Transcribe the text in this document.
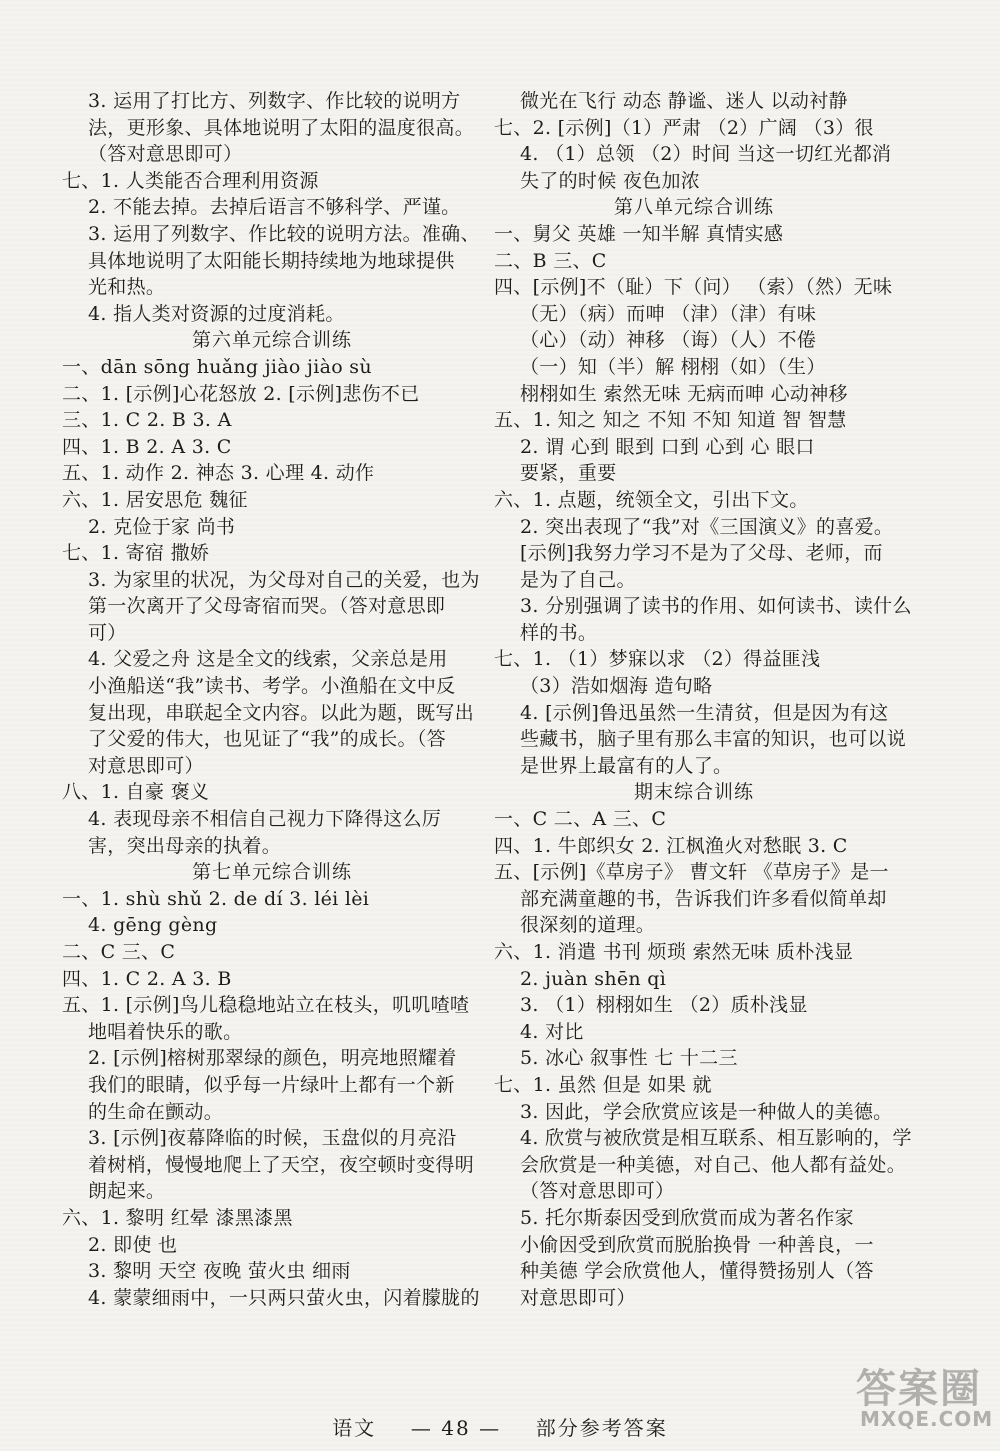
3. 运用了打比方、列数字、作比较的说明方
法，更形象、具体地说明了太阳的温度很高。
（答对意思即可）
七、1. 人类能否合理利用资源
2. 不能去掉。去掉后语言不够科学、严谨。
3. 运用了列数字、作比较的说明方法。准确、
具体地说明了太阳能长期持续地为地球提供
光和热。
4. 指人类对资源的过度消耗。
第六单元综合训练
一、dān sōng huǎng jiào jiào sù
二、1. [示例]心花怒放 2. [示例]悲伤不已
三、1. C 2. B 3. A
四、1. B 2. A 3. C
五、1. 动作 2. 神态 3. 心理 4. 动作
六、1. 居安思危 魏征
2. 克俭于家 尚书
七、1. 寄宿 撒娇
3. 为家里的状况，为父母对自己的关爱，也为
第一次离开了父母寄宿而哭。（答对意思即
可）
4. 父爱之舟 这是全文的线索，父亲总是用
小渔船送“我”读书、考学。小渔船在文中反
复出现，串联起全文内容。以此为题，既写出
了父爱的伟大，也见证了“我”的成长。（答
对意思即可）
八、1. 自豪 褒义
4. 表现母亲不相信自己视力下降得这么厉
害，突出母亲的执着。
第七单元综合训练
一、1. shù shǔ 2. de dí 3. léi lèi
4. gēng gèng
二、C 三、C
四、1. C 2. A 3. B
五、1. [示例]鸟儿稳稳地站立在枝头，叽叽喳喳
地唱着快乐的歌。
2. [示例]榕树那翠绿的颜色，明亮地照耀着
我们的眼睛，似乎每一片绿叶上都有一个新
的生命在颤动。
3. [示例]夜幕降临的时候，玉盘似的月亮沿
着树梢，慢慢地爬上了天空，夜空顿时变得明
朗起来。
六、1. 黎明 红晕 漆黑漆黑
2. 即使 也
3. 黎明 天空 夜晚 萤火虫 细雨
4. 蒙蒙细雨中，一只两只萤火虫，闪着朦胧的
微光在飞行 动态 静谧、迷人 以动衬静
七、2. [示例]（1）严肃 （2）广阔 （3）很
4. （1）总领 （2）时间 当这一切红光都消
失了的时候 夜色加浓
第八单元综合训练
一、舅父 英雄 一知半解 真情实感
二、B 三、C
四、[示例]不（耻）下（问） （索）（然）无味
（无）（病）而呻 （津）（津）有味
（心）（动）神移 （诲）（人）不倦
（一）知（半）解 栩栩（如）（生）
栩栩如生 索然无味 无病而呻 心动神移
五、1. 知之 知之 不知 不知 知道 智 智慧
2. 谓 心到 眼到 口到 心到 心 眼口
要紧，重要
六、1. 点题，统领全文，引出下文。
2. 突出表现了“我”对《三国演义》的喜爱。
[示例]我努力学习不是为了父母、老师，而
是为了自己。
3. 分别强调了读书的作用、如何读书、读什么
样的书。
七、1. （1）梦寐以求 （2）得益匪浅
（3）浩如烟海 造句略
4. [示例]鲁迅虽然一生清贫，但是因为有这
些藏书，脑子里有那么丰富的知识，也可以说
是世界上最富有的人了。
期末综合训练
一、C 二、A 三、C
四、1. 牛郎织女 2. 江枫渔火对愁眠 3. C
五、[示例]《草房子》 曹文轩 《草房子》是一
部充满童趣的书，告诉我们许多看似简单却
很深刻的道理。
六、1. 消遣 书刊 烦琐 索然无味 质朴浅显
2. juàn shēn qì
3. （1）栩栩如生 （2）质朴浅显
4. 对比
5. 冰心 叙事性 七 十二三
七、1. 虽然 但是 如果 就
3. 因此，学会欣赏应该是一种做人的美德。
4. 欣赏与被欣赏是相互联系、相互影响的，学
会欣赏是一种美德，对自己、他人都有益处。
（答对意思即可）
5. 托尔斯泰因受到欣赏而成为著名作家
小偷因受到欣赏而脱胎换骨 一种善良，一
种美德 学会欣赏他人，懂得赞扬别人（答
对意思即可）
语文 — 48 — 部分参考答案
答案圈
MXQE.COM
